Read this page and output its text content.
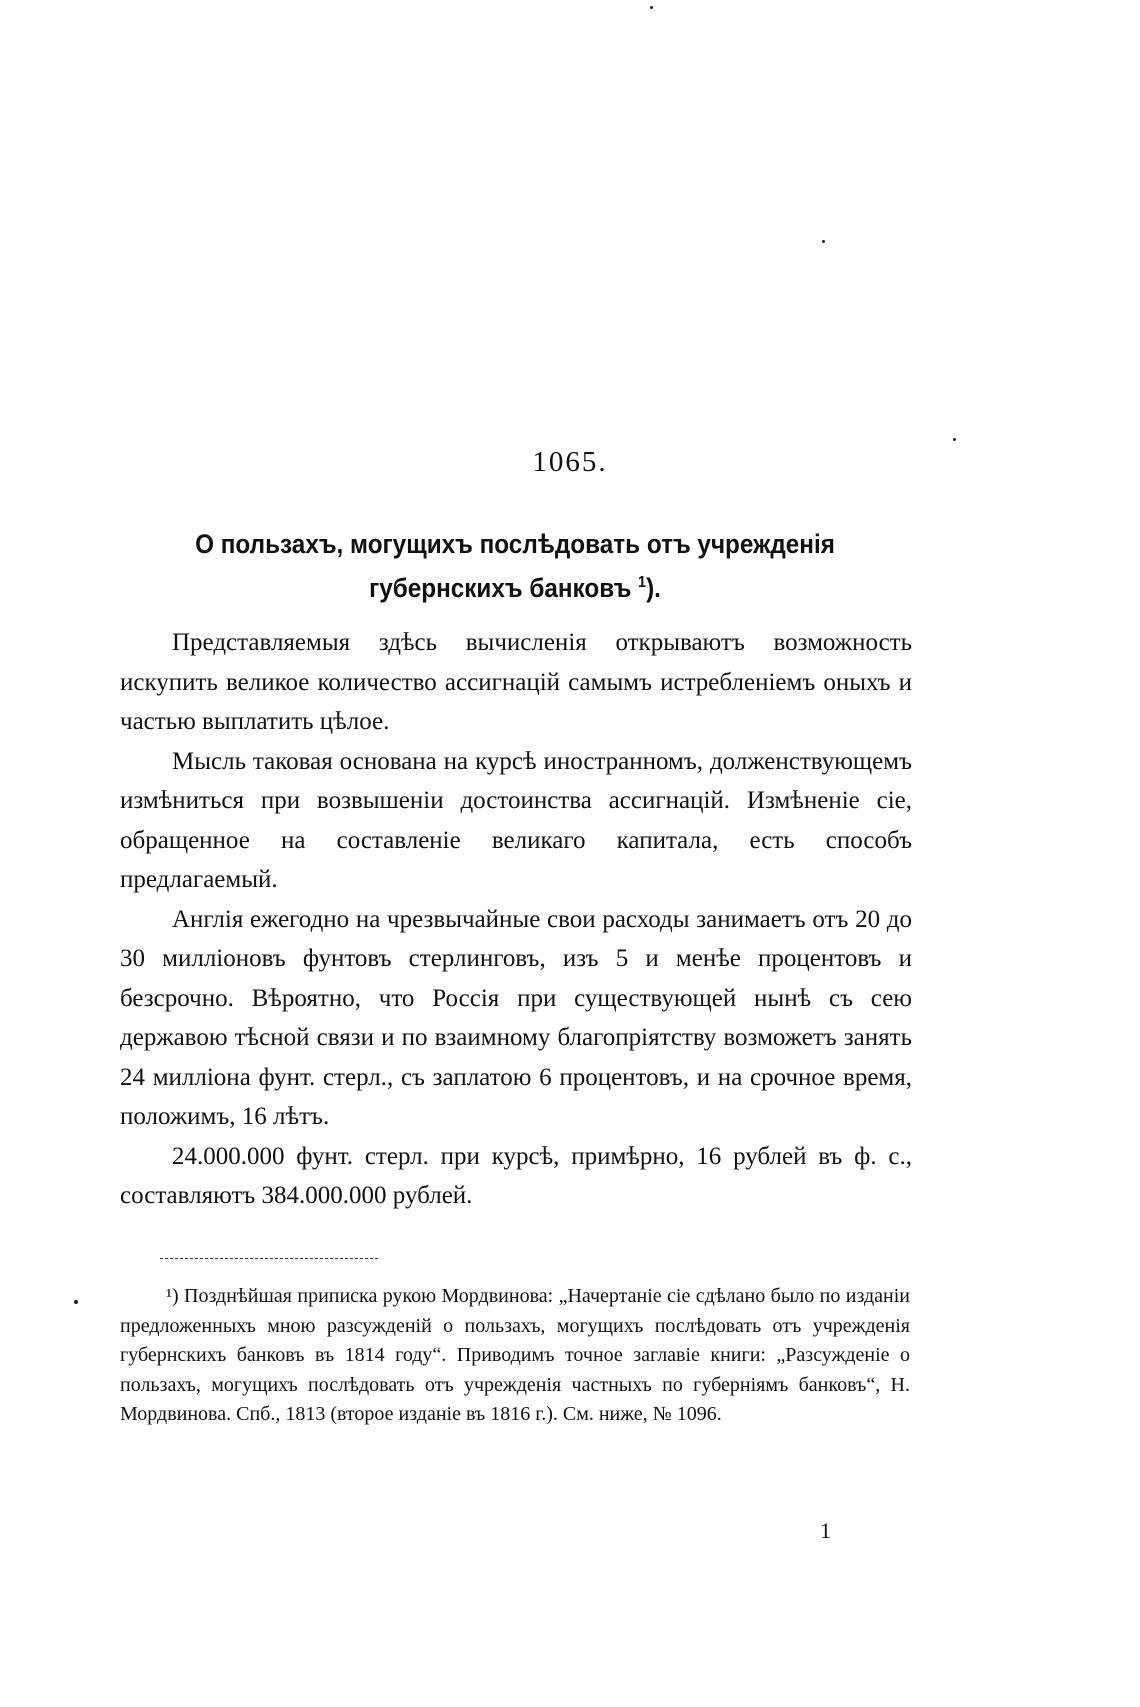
1065.
О пользахъ, могущихъ послѣдовать отъ учрежденія губернскихъ банковъ $^1$).

Представляемыя здѣсь вычисленія открываютъ возможность искупить великое количество ассигнацій самымъ истребленіемъ оныхъ и частью выплатить цѣлое.

Мысль таковая основана на курсѣ иностранномъ, долженствующемъ измѣниться при возвышеніи достоинства ассигнацій. Измѣненіе сіе, обращенное на составленіе великаго капитала, есть способъ предлагаемый.

Англія ежегодно на чрезвычайные свои расходы занимаетъ отъ 20 до 30 милліоновъ фунтовъ стерлинговъ, изъ 5 и менѣе процентовъ и безсрочно. Вѣроятно, что Россія при существующей нынѣ съ сею державою тѣсной связи и по взаимному благопріятству возможетъ занять 24 милліона фунт. стерл., съ заплатою 6 процентовъ, и на срочное время, положимъ, 16 лѣтъ.

24.000.000 фунт. стерл. при курсѣ, примѣрно, 16 рублей въ ф. с., составляютъ 384.000.000 рублей.

¹) Позднѣйшая приписка рукою Мордвинова: „Начертаніе сіе сдѣлано было по изданіи предложенныхъ мною разсужденій о пользахъ, могущихъ послѣдовать отъ учрежденія губернскихъ банковъ въ 1814 году“. Приводимъ точное заглавіе книги: „Разсужденіе о пользахъ, могущихъ послѣдовать отъ учрежденія частныхъ по губерніямъ банковъ“, Н. Мордвинова. Спб., 1813 (второе изданіе въ 1816 г.). См. ниже, № 1096.
1
